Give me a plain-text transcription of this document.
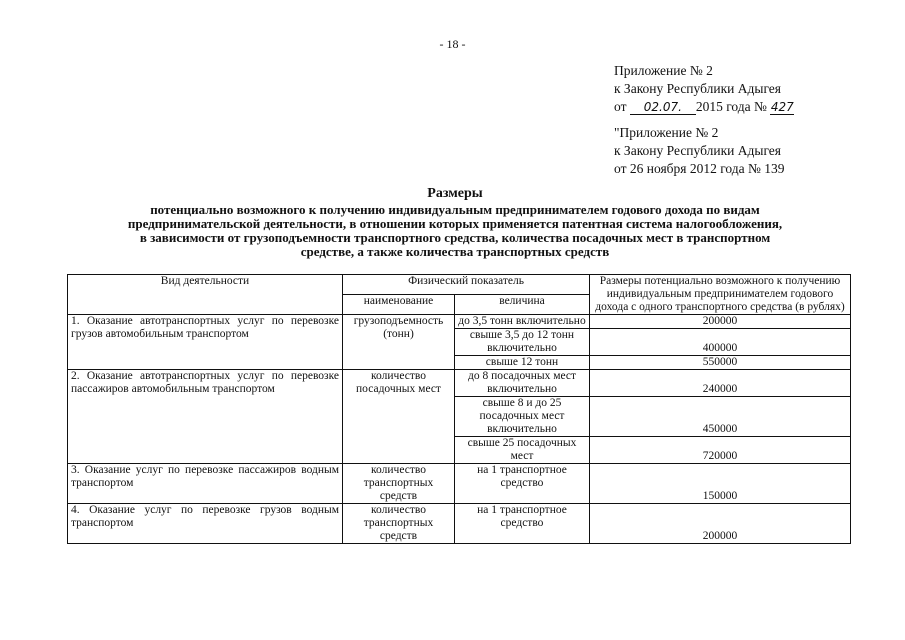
- 18 -
Приложение № 2
к Закону Республики Адыгея
от 02.07. 2015 года № 427
"Приложение № 2
к Закону Республики Адыгея
от 26 ноября 2012 года № 139
Размеры
потенциально возможного к получению индивидуальным предпринимателем годового дохода по видам
предпринимательской деятельности, в отношении которых применяется патентная система налогообложения,
в зависимости от грузоподъемности транспортного средства, количества посадочных мест в транспортном
средстве, а также количества транспортных средств
Вид деятельности	Физический показатель		Размеры потенциально возможного к получению индивидуальным предпринимателем годового дохода с одного транспортного средства (в рублях)
	наименование	величина	
1. Оказание автотранспортных услуг по перевозке грузов автомобильным транспортом	грузоподъемность (тонн)	до 3,5 тонн включительно	200000
		свыше 3,5 до 12 тонн включительно	400000
		свыше 12 тонн	550000
2. Оказание автотранспортных услуг по перевозке пассажиров автомобильным транспортом	количество посадочных мест	до 8 посадочных мест включительно	240000
		свыше 8 и до 25 посадочных мест включительно	450000
		свыше 25 посадочных мест	720000
3. Оказание услуг по перевозке пассажиров водным транспортом	количество транспортных средств	на 1 транспортное средство	150000
4. Оказание услуг по перевозке грузов водным транспортом	количество транспортных средств	на 1 транспортное средство	200000
